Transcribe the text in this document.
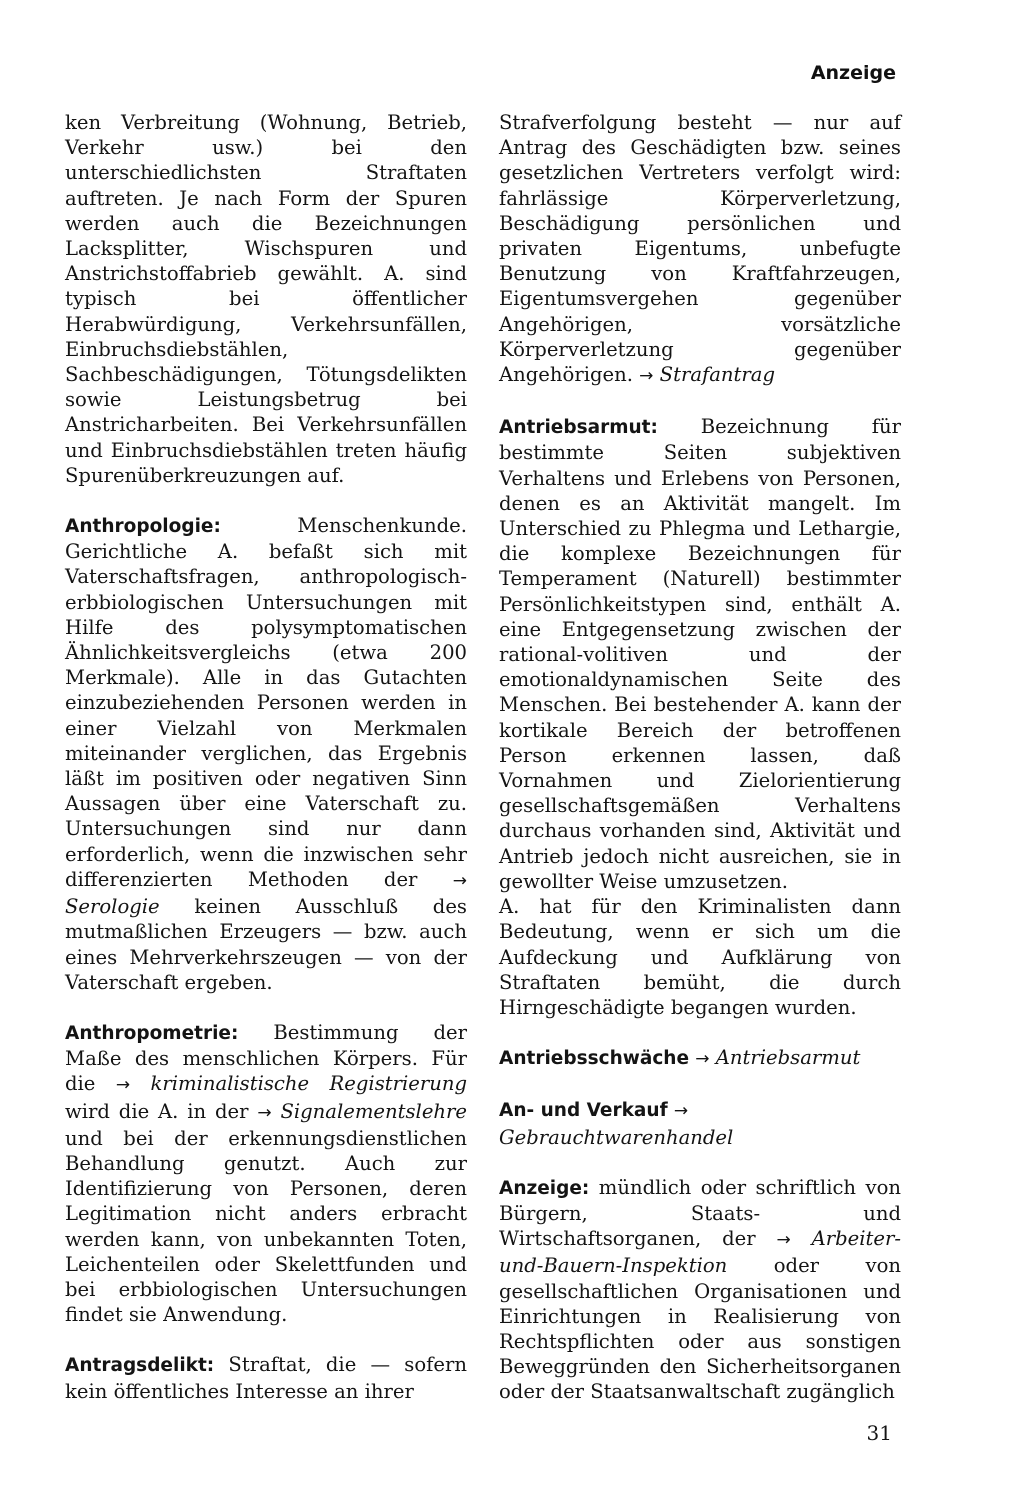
Anzeige

ken Verbreitung (Wohnung, Betrieb, Verkehr usw.) bei den unterschiedlichsten Straftaten auftreten. Je nach Form der Spuren werden auch die Bezeichnungen Lacksplitter, Wischspuren und Anstrichstoffabrieb gewählt. A. sind typisch bei öffentlicher Herabwürdigung, Verkehrsunfällen, Einbruchsdiebstählen, Sachbeschädigungen, Tötungsdelikten sowie Leistungsbetrug bei Anstricharbeiten. Bei Verkehrsunfällen und Einbruchsdiebstählen treten häufig Spurenüberkreuzungen auf.

Anthropologie: Menschenkunde. Gerichtliche A. befaßt sich mit Vaterschaftsfragen, anthropologisch-erbbiologischen Untersuchungen mit Hilfe des polysymptomatischen Ähnlichkeitsvergleichs (etwa 200 Merkmale). Alle in das Gutachten einzubeziehenden Personen werden in einer Vielzahl von Merkmalen miteinander verglichen, das Ergebnis läßt im positiven oder negativen Sinn Aussagen über eine Vaterschaft zu. Untersuchungen sind nur dann erforderlich, wenn die inzwischen sehr differenzierten Methoden der → Serologie keinen Ausschluß des mutmaßlichen Erzeugers — bzw. auch eines Mehrverkehrszeugen — von der Vaterschaft ergeben.

Anthropometrie: Bestimmung der Maße des menschlichen Körpers. Für die → kriminalistische Registrierung wird die A. in der → Signalementslehre und bei der erkennungsdienstlichen Behandlung genutzt. Auch zur Identifizierung von Personen, deren Legitimation nicht anders erbracht werden kann, von unbekannten Toten, Leichenteilen oder Skelettfunden und bei erbbiologischen Untersuchungen findet sie Anwendung.

Antragsdelikt: Straftat, die — sofern kein öffentliches Interesse an ihrer

Strafverfolgung besteht — nur auf Antrag des Geschädigten bzw. seines gesetzlichen Vertreters verfolgt wird: fahrlässige Körperverletzung, Beschädigung persönlichen und privaten Eigentums, unbefugte Benutzung von Kraftfahrzeugen, Eigentumsvergehen gegenüber Angehörigen, vorsätzliche Körperverletzung gegenüber Angehörigen. → Strafantrag

Antriebsarmut: Bezeichnung für bestimmte Seiten subjektiven Verhaltens und Erlebens von Personen, denen es an Aktivität mangelt. Im Unterschied zu Phlegma und Lethargie, die komplexe Bezeichnungen für Temperament (Naturell) bestimmter Persönlichkeitstypen sind, enthält A. eine Entgegensetzung zwischen der rational-volitiven und der emotionaldynamischen Seite des Menschen. Bei bestehender A. kann der kortikale Bereich der betroffenen Person erkennen lassen, daß Vornahmen und Zielorientierung gesellschaftsgemäßen Verhaltens durchaus vorhanden sind, Aktivität und Antrieb jedoch nicht ausreichen, sie in gewollter Weise umzusetzen.

A. hat für den Kriminalisten dann Bedeutung, wenn er sich um die Aufdeckung und Aufklärung von Straftaten bemüht, die durch Hirngeschädigte begangen wurden.

Antriebsschwäche → Antriebsarmut

An- und Verkauf → Gebrauchtwarenhandel

Anzeige: mündlich oder schriftlich von Bürgern, Staats- und Wirtschaftsorganen, der → Arbeiter-und-Bauern-Inspektion oder von gesellschaftlichen Organisationen und Einrichtungen in Realisierung von Rechtspflichten oder aus sonstigen Beweggründen den Sicherheitsorganen oder der Staatsanwaltschaft zugänglich

31
